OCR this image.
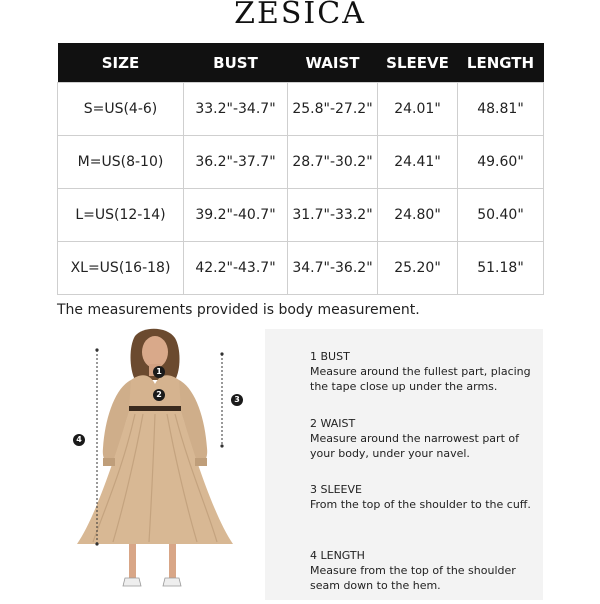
ZESICA
SIZE	BUST	WAIST	SLEEVE	LENGTH
S=US(4-6)	33.2"-34.7"	25.8"-27.2"	24.01"	48.81"
M=US(8-10)	36.2"-37.7"	28.7"-30.2"	24.41"	49.60"
L=US(12-14)	39.2"-40.7"	31.7"-33.2"	24.80"	50.40"
XL=US(16-18)	42.2"-43.7"	34.7"-36.2"	25.20"	51.18"
The measurements provided is body measurement.
1
2
3
4
1 BUST
Measure around the fullest part, placing the tape close up under the arms.
2 WAIST
Measure around the narrowest part of your body, under your navel.
3 SLEEVE
From the top of the shoulder to the cuff.
4 LENGTH
Measure from the top of the shoulder seam down to the hem.
